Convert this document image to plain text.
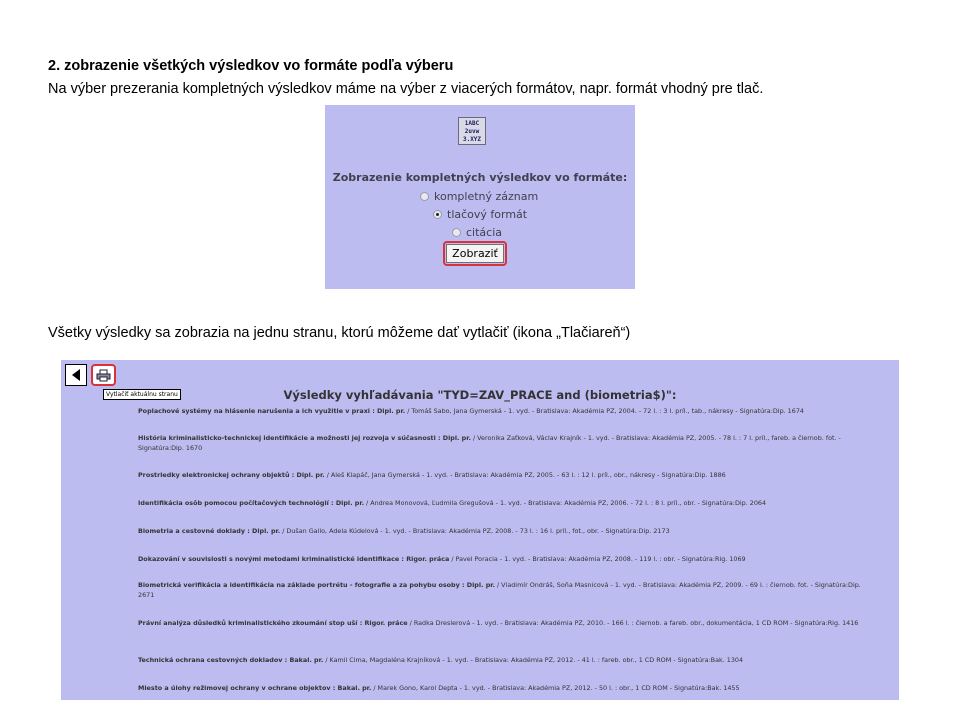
2. zobrazenie všetkých výsledkov vo formáte podľa výberu
Na výber prezerania kompletných výsledkov máme na výber z viacerých formátov, napr. formát vhodný pre tlač.
1ABC
2uvw
3.XYZ
Zobrazenie kompletných výsledkov vo formáte:
kompletný záznam
tlačový formát
citácia
Zobraziť
Všetky výsledky sa zobrazia na jednu stranu, ktorú môžeme dať vytlačiť (ikona „Tlačiareň“)
Vytlačiť aktuálnu stranu	Výsledky vyhľadávania "TYD=ZAV_PRACE and (biometria$)":
Poplachové systémy na hlásenie narušenia a ich využitie v praxi : Dipl. pr. / Tomáš Sabo, Jana Gymerská - 1. vyd. - Bratislava: Akadémia PZ, 2004. - 72 l. : 3 l. príl., tab., nákresy - Signatúra:Dip. 1674
História kriminalisticko-technickej identifikácie a možnosti jej rozvoja v súčasnosti : Dipl. pr. / Veronika Zaťková, Václav Krajník - 1. vyd. - Bratislava: Akadémia PZ, 2005. - 78 l. : 7 l. príl., fareb. a čiernob. fot. - Signatúra:Dip. 1670
Prostriedky elektronickej ochrany objektů : Dipl. pr. / Aleš Klapáč, Jana Gymerská - 1. vyd. - Bratislava: Akadémia PZ, 2005. - 63 l. : 12 l. príl., obr., nákresy - Signatúra:Dip. 1886
Identifikácia osôb pomocou počítačových technológií : Dipl. pr. / Andrea Monovová, Ľudmila Gregušová - 1. vyd. - Bratislava: Akadémia PZ, 2006. - 72 l. : 8 l. príl., obr. - Signatúra:Dip. 2064
Biometria a cestovné doklady : Dipl. pr. / Dušan Gallo, Adela Kúdelová - 1. vyd. - Bratislava: Akadémia PZ, 2008. - 73 l. : 16 l. príl., fot., obr. - Signatúra:Dip. 2173
Dokazování v souvislosti s novými metodami kriminalistické identifikace : Rigor. práca / Pavel Poracia - 1. vyd. - Bratislava: Akadémia PZ, 2008. - 119 l. : obr. - Signatúra:Rig. 1069
Biometrická verifikácia a identifikácia na základe portrétu - fotografie a za pohybu osoby : Dipl. pr. / Vladimír Ondráš, Soňa Masnicová - 1. vyd. - Bratislava: Akadémia PZ, 2009. - 69 l. : čiernob. fot. - Signatúra:Dip. 2671
Právní analýza důsledků kriminalistického zkoumání stop uší : Rigor. práce / Radka Dreslerová - 1. vyd. - Bratislava: Akadémia PZ, 2010. - 166 l. : čiernob. a fareb. obr., dokumentácia, 1 CD ROM - Signatúra:Rig. 1416
Technická ochrana cestovných dokladov : Bakal. pr. / Kamil Cima, Magdaléna Krajníková - 1. vyd. - Bratislava: Akadémia PZ, 2012. - 41 l. : fareb. obr., 1 CD ROM - Signatúra:Bak. 1304
Miesto a úlohy režimovej ochrany v ochrane objektov : Bakal. pr. / Marek Gono, Karol Depta - 1. vyd. - Bratislava: Akadémia PZ, 2012. - 50 l. : obr., 1 CD ROM - Signatúra:Bak. 1455
